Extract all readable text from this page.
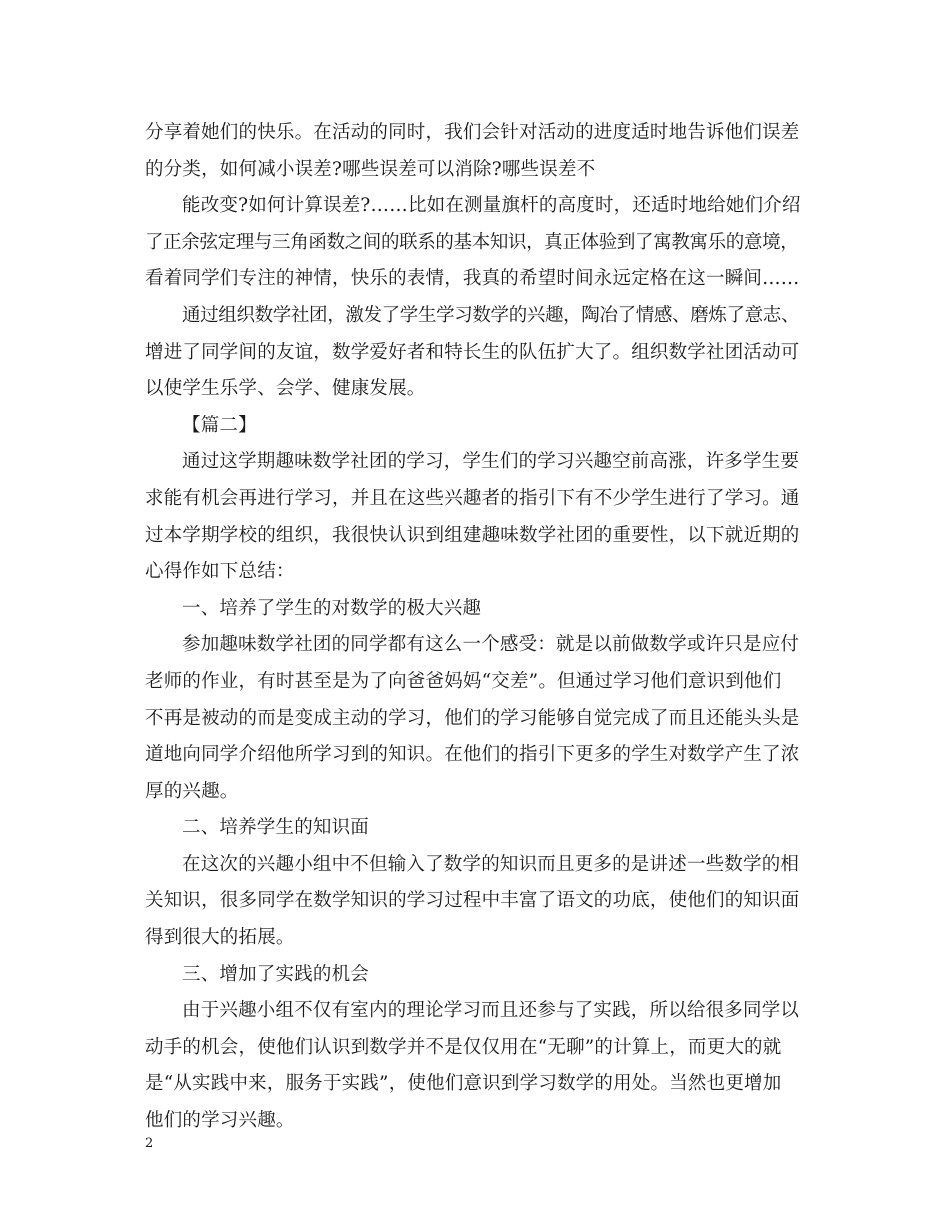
分享着她们的快乐。在活动的同时，我们会针对活动的进度适时地告诉他们误差
的分类，如何减小误差?哪些误差可以消除?哪些误差不
能改变?如何计算误差?……比如在测量旗杆的高度时，还适时地给她们介绍
了正余弦定理与三角函数之间的联系的基本知识，真正体验到了寓教寓乐的意境，
看着同学们专注的神情，快乐的表情，我真的希望时间永远定格在这一瞬间……
通过组织数学社团，激发了学生学习数学的兴趣，陶冶了情感、磨炼了意志、
增进了同学间的友谊，数学爱好者和特长生的队伍扩大了。组织数学社团活动可
以使学生乐学、会学、健康发展。
【篇二】
通过这学期趣味数学社团的学习，学生们的学习兴趣空前高涨，许多学生要
求能有机会再进行学习，并且在这些兴趣者的指引下有不少学生进行了学习。通
过本学期学校的组织，我很快认识到组建趣味数学社团的重要性，以下就近期的
心得作如下总结：
一、培养了学生的对数学的极大兴趣
参加趣味数学社团的同学都有这么一个感受：就是以前做数学或许只是应付
老师的作业，有时甚至是为了向爸爸妈妈“交差”。但通过学习他们意识到他们
不再是被动的而是变成主动的学习，他们的学习能够自觉完成了而且还能头头是
道地向同学介绍他所学习到的知识。在他们的指引下更多的学生对数学产生了浓
厚的兴趣。
二、培养学生的知识面
在这次的兴趣小组中不但输入了数学的知识而且更多的是讲述一些数学的相
关知识，很多同学在数学知识的学习过程中丰富了语文的功底，使他们的知识面
得到很大的拓展。
三、增加了实践的机会
由于兴趣小组不仅有室内的理论学习而且还参与了实践，所以给很多同学以
动手的机会，使他们认识到数学并不是仅仅用在“无聊”的计算上，而更大的就
是“从实践中来，服务于实践”，使他们意识到学习数学的用处。当然也更增加
他们的学习兴趣。
2
